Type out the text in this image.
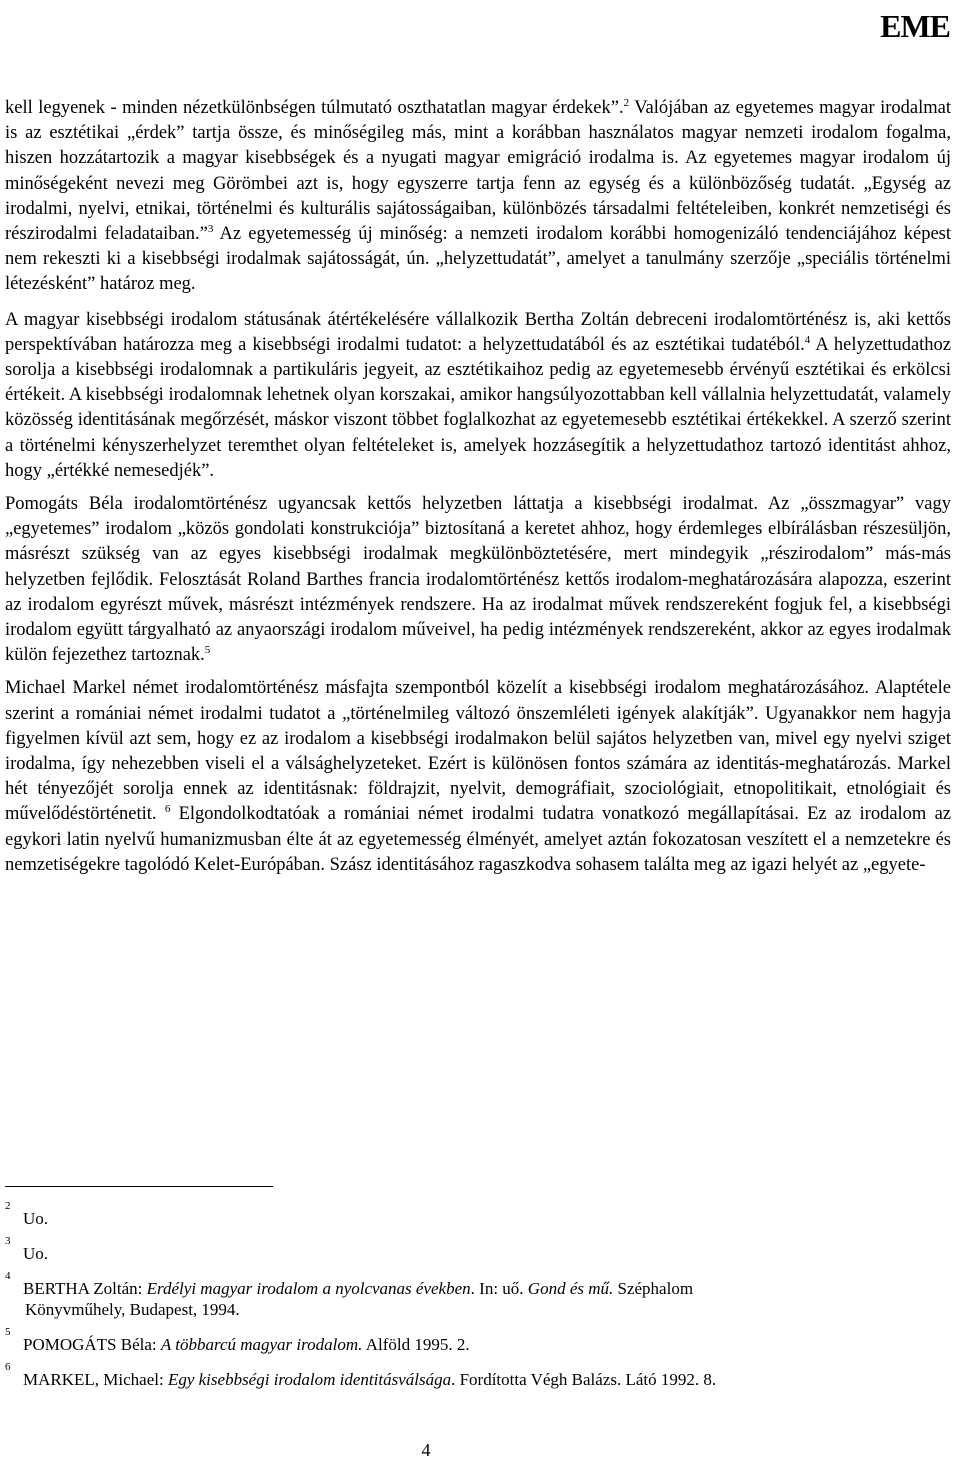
EME

kell legyenek - minden nézetkülönbségen túlmutató oszthatatlan magyar érdekek”.$^2$ Valójában az egyetemes magyar irodalmat is az esztétikai „érdek” tartja össze, és minőségileg más, mint a korábban használatos magyar nemzeti irodalom fogalma, hiszen hozzátartozik a magyar kisebbségek és a nyugati magyar emigráció irodalma is. Az egyetemes magyar irodalom új minőségeként nevezi meg Görömbei azt is, hogy egyszerre tartja fenn az egység és a különbözőség tudatát. „Egység az irodalmi, nyelvi, etnikai, történelmi és kulturális sajátosságaiban, különbözés társadalmi feltételeiben, konkrét nemzetiségi és részirodalmi feladataiban.”$^3$ Az egyetemesség új minőség: a nemzeti irodalom korábbi homogenizáló tendenciájához képest nem rekeszti ki a kisebbségi irodalmak sajátosságát, ún. „helyzettudatát”, amelyet a tanulmány szerzője „speciális történelmi létezésként” határoz meg.

A magyar kisebbségi irodalom státusának átértékelésére vállalkozik Bertha Zoltán debreceni irodalomtörténész is, aki kettős perspektívában határozza meg a kisebbségi irodalmi tudatot: a helyzettudatából és az esztétikai tudatéból.$^4$ A helyzettudathoz sorolja a kisebbségi irodalomnak a partikuláris jegyeit, az esztétikaihoz pedig az egyetemesebb érvényű esztétikai és erkölcsi értékeit. A kisebbségi irodalomnak lehetnek olyan korszakai, amikor hangsúlyozottabban kell vállalnia helyzettudatát, valamely közösség identitásának megőrzését, máskor viszont többet foglalkozhat az egyetemesebb esztétikai értékekkel. A szerző szerint a történelmi kényszerhelyzet teremthet olyan feltételeket is, amelyek hozzásegítik a helyzettudathoz tartozó identitást ahhoz, hogy „értékké nemesedjék”.

Pomogáts Béla irodalomtörténész ugyancsak kettős helyzetben láttatja a kisebbségi irodalmat. Az „összmagyar” vagy „egyetemes” irodalom „közös gondolati konstrukciója” biztosítaná a keretet ahhoz, hogy érdemleges elbírálásban részesüljön, másrészt szükség van az egyes kisebbségi irodalmak megkülönböztetésére, mert mindegyik „részirodalom” más-más helyzetben fejlődik. Felosztását Roland Barthes francia irodalomtörténész kettős irodalom-meghatározására alapozza, eszerint az irodalom egyrészt művek, másrészt intézmények rendszere. Ha az irodalmat művek rendszereként fogjuk fel, a kisebbségi irodalom együtt tárgyalható az anyaországi irodalom műveivel, ha pedig intézmények rendszereként, akkor az egyes irodalmak külön fejezethez tartoznak.$^5$

Michael Markel német irodalomtörténész másfajta szempontból közelít a kisebbségi irodalom meghatározásához. Alaptétele szerint a romániai német irodalmi tudatot a „történelmileg változó önszemléleti igények alakítják”. Ugyanakkor nem hagyja figyelmen kívül azt sem, hogy ez az irodalom a kisebbségi irodalmakon belül sajátos helyzetben van, mivel egy nyelvi sziget irodalma, így nehezebben viseli el a válsághelyzeteket. Ezért is különösen fontos számára az identitás-meghatározás. Markel hét tényezőjét sorolja ennek az identitásnak: földrajzit, nyelvit, demográfiait, szociológiait, etnopolitikait, etnológiait és művelődéstörténetit. $^6$ Elgondolkodtatóak a romániai német irodalmi tudatra vonatkozó megállapításai. Ez az irodalom az egykori latin nyelvű humanizmusban élte át az egyetemesség élményét, amelyet aztán fokozatosan veszített el a nemzetekre és nemzetiségekre tagolódó Kelet-Európában. Szász identitásához ragaszkodva sohasem találta meg az igazi helyét az „egyete-

2
Uo.
3
Uo.
4
BERTHA Zoltán: Erdélyi magyar irodalom a nyolcvanas években. In: uő. Gond és mű. Széphalom
Könyvműhely, Budapest, 1994.
5
POMOGÁTS Béla: A többarcú magyar irodalom. Alföld 1995. 2.
6
MARKEL, Michael: Egy kisebbségi irodalom identitásválsága. Fordította Végh Balázs. Látó 1992. 8.
4
